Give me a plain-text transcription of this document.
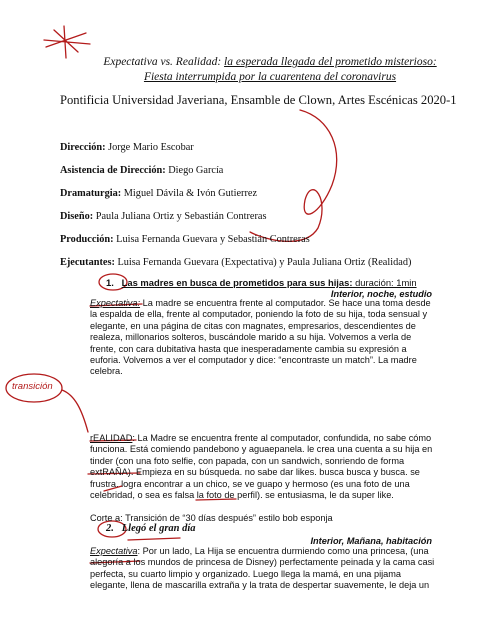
Expectativa vs. Realidad: la esperada llegada del prometido misterioso:
Fiesta interrumpida por la cuarentena del coronavirus
Pontificia Universidad Javeriana, Ensamble de Clown, Artes Escénicas 2020-1
Dirección: Jorge Mario Escobar
Asistencia de Dirección: Diego García
Dramaturgia: Miguel Dávila & Ivón Gutierrez
Diseño: Paula Juliana Ortiz y Sebastián Contreras
Producción: Luisa Fernanda Guevara y Sebastián Contreras
Ejecutantes: Luisa Fernanda Guevara (Expectativa) y Paula Juliana Ortiz (Realidad)
1. Las madres en busca de prometidos para sus hijas: duración: 1min
Interior, noche, estudio
Expectativa: La madre se encuentra frente al computador. Se hace una toma desde la espalda de ella, frente al computador, poniendo la foto de su hija, toda sensual y elegante, en una página de citas con magnates, empresarios, descendientes de realeza, millonarios solteros, buscándole marido a su hija. Volvemos a verla de frente, con cara dubitativa hasta que inesperadamente cambia su expresión a euforia. Volvemos a ver el computador y dice: “encontraste un match”. La madre celebra.
transición
rEALIDAD: La Madre se encuentra frente al computador, confundida, no sabe cómo funciona. Está comiendo pandebono y aguaepanela. le crea una cuenta a su hija en tinder (con una foto selfie, con papada, con un sandwich, sonriendo de forma extRAÑA). Empieza en su búsqueda. no sabe dar likes. busca busca y busca. se frustra. logra encontrar a un chico, se ve guapo y hermoso (es una foto de una celebridad, o sea es falsa la foto de perfil). se entusiasma, le da super like.
Corte a: Transición de “30 días después” estilo bob esponja
2. Llegó el gran día
Interior, Mañana, habitación
Expectativa: Por un lado, La Hija se encuentra durmiendo como una princesa, (una alegoría a los mundos de princesa de Disney) perfectamente peinada y la cama casi perfecta, su cuarto limpio y organizado. Luego llega la mamá, en una pijama elegante, llena de mascarilla extraña y la trata de despertar suavemente, le deja un
